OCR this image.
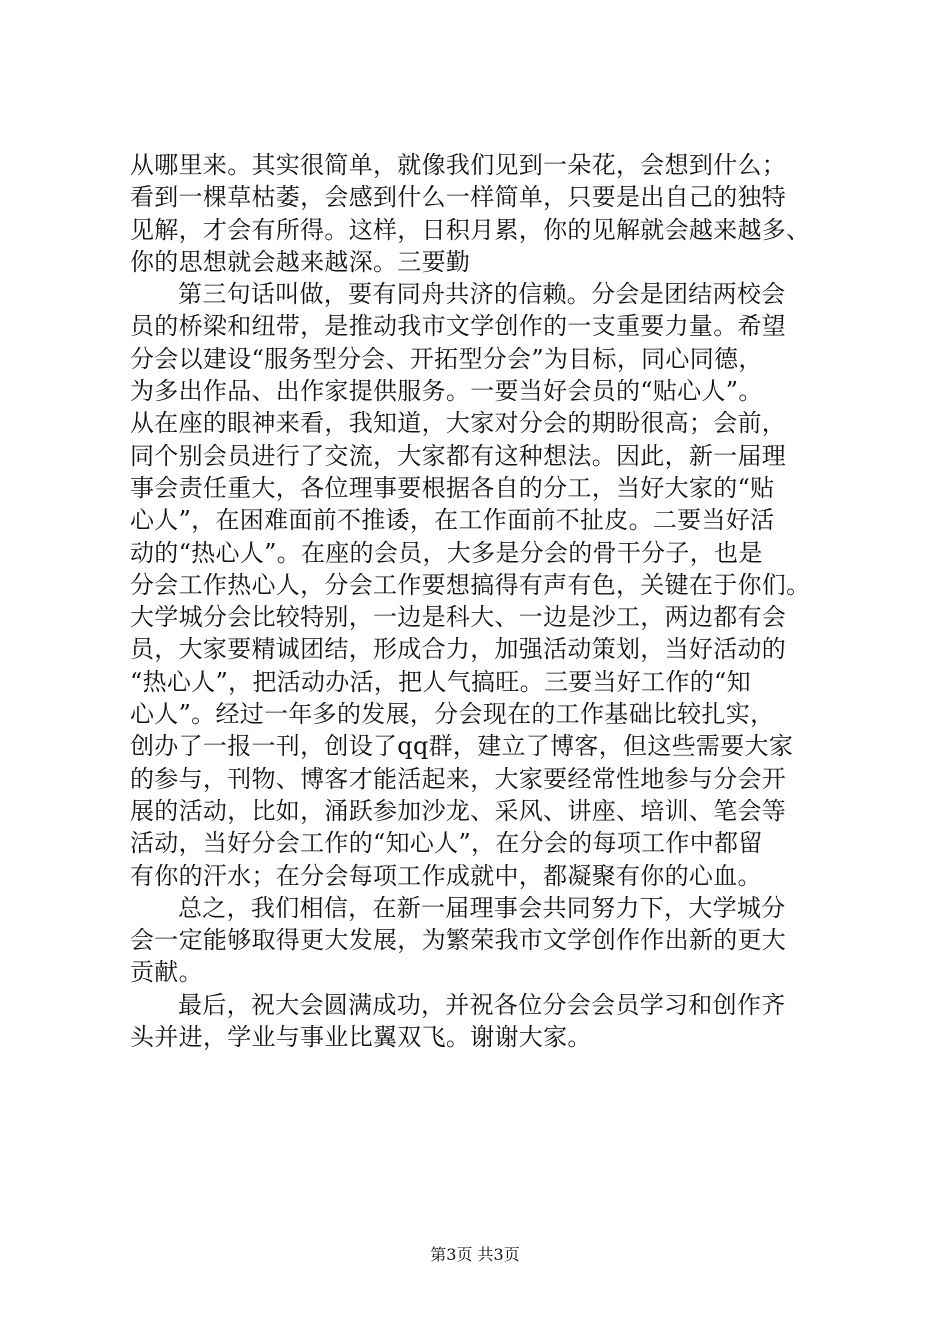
从哪里来。其实很简单，就像我们见到一朵花，会想到什么；
看到一棵草枯萎，会感到什么一样简单，只要是出自己的独特
见解，才会有所得。这样，日积月累，你的见解就会越来越多、
你的思想就会越来越深。三要勤
第三句话叫做，要有同舟共济的信赖。分会是团结两校会
员的桥梁和纽带，是推动我市文学创作的一支重要力量。希望
分会以建设“服务型分会、开拓型分会”为目标，同心同德，
为多出作品、出作家提供服务。一要当好会员的“贴心人”。
从在座的眼神来看，我知道，大家对分会的期盼很高；会前，
同个别会员进行了交流，大家都有这种想法。因此，新一届理
事会责任重大，各位理事要根据各自的分工，当好大家的“贴
心人”，在困难面前不推诿，在工作面前不扯皮。二要当好活
动的“热心人”。在座的会员，大多是分会的骨干分子，也是
分会工作热心人，分会工作要想搞得有声有色，关键在于你们。
大学城分会比较特别，一边是科大、一边是沙工，两边都有会
员，大家要精诚团结，形成合力，加强活动策划，当好活动的
“热心人”，把活动办活，把人气搞旺。三要当好工作的“知
心人”。经过一年多的发展，分会现在的工作基础比较扎实，
创办了一报一刊，创设了qq群，建立了博客，但这些需要大家
的参与，刊物、博客才能活起来，大家要经常性地参与分会开
展的活动，比如，涌跃参加沙龙、采风、讲座、培训、笔会等
活动，当好分会工作的“知心人”，在分会的每项工作中都留
有你的汗水；在分会每项工作成就中，都凝聚有你的心血。
总之，我们相信，在新一届理事会共同努力下，大学城分
会一定能够取得更大发展，为繁荣我市文学创作作出新的更大
贡献。
最后，祝大会圆满成功，并祝各位分会会员学习和创作齐
头并进，学业与事业比翼双飞。谢谢大家。
第3页 共3页
